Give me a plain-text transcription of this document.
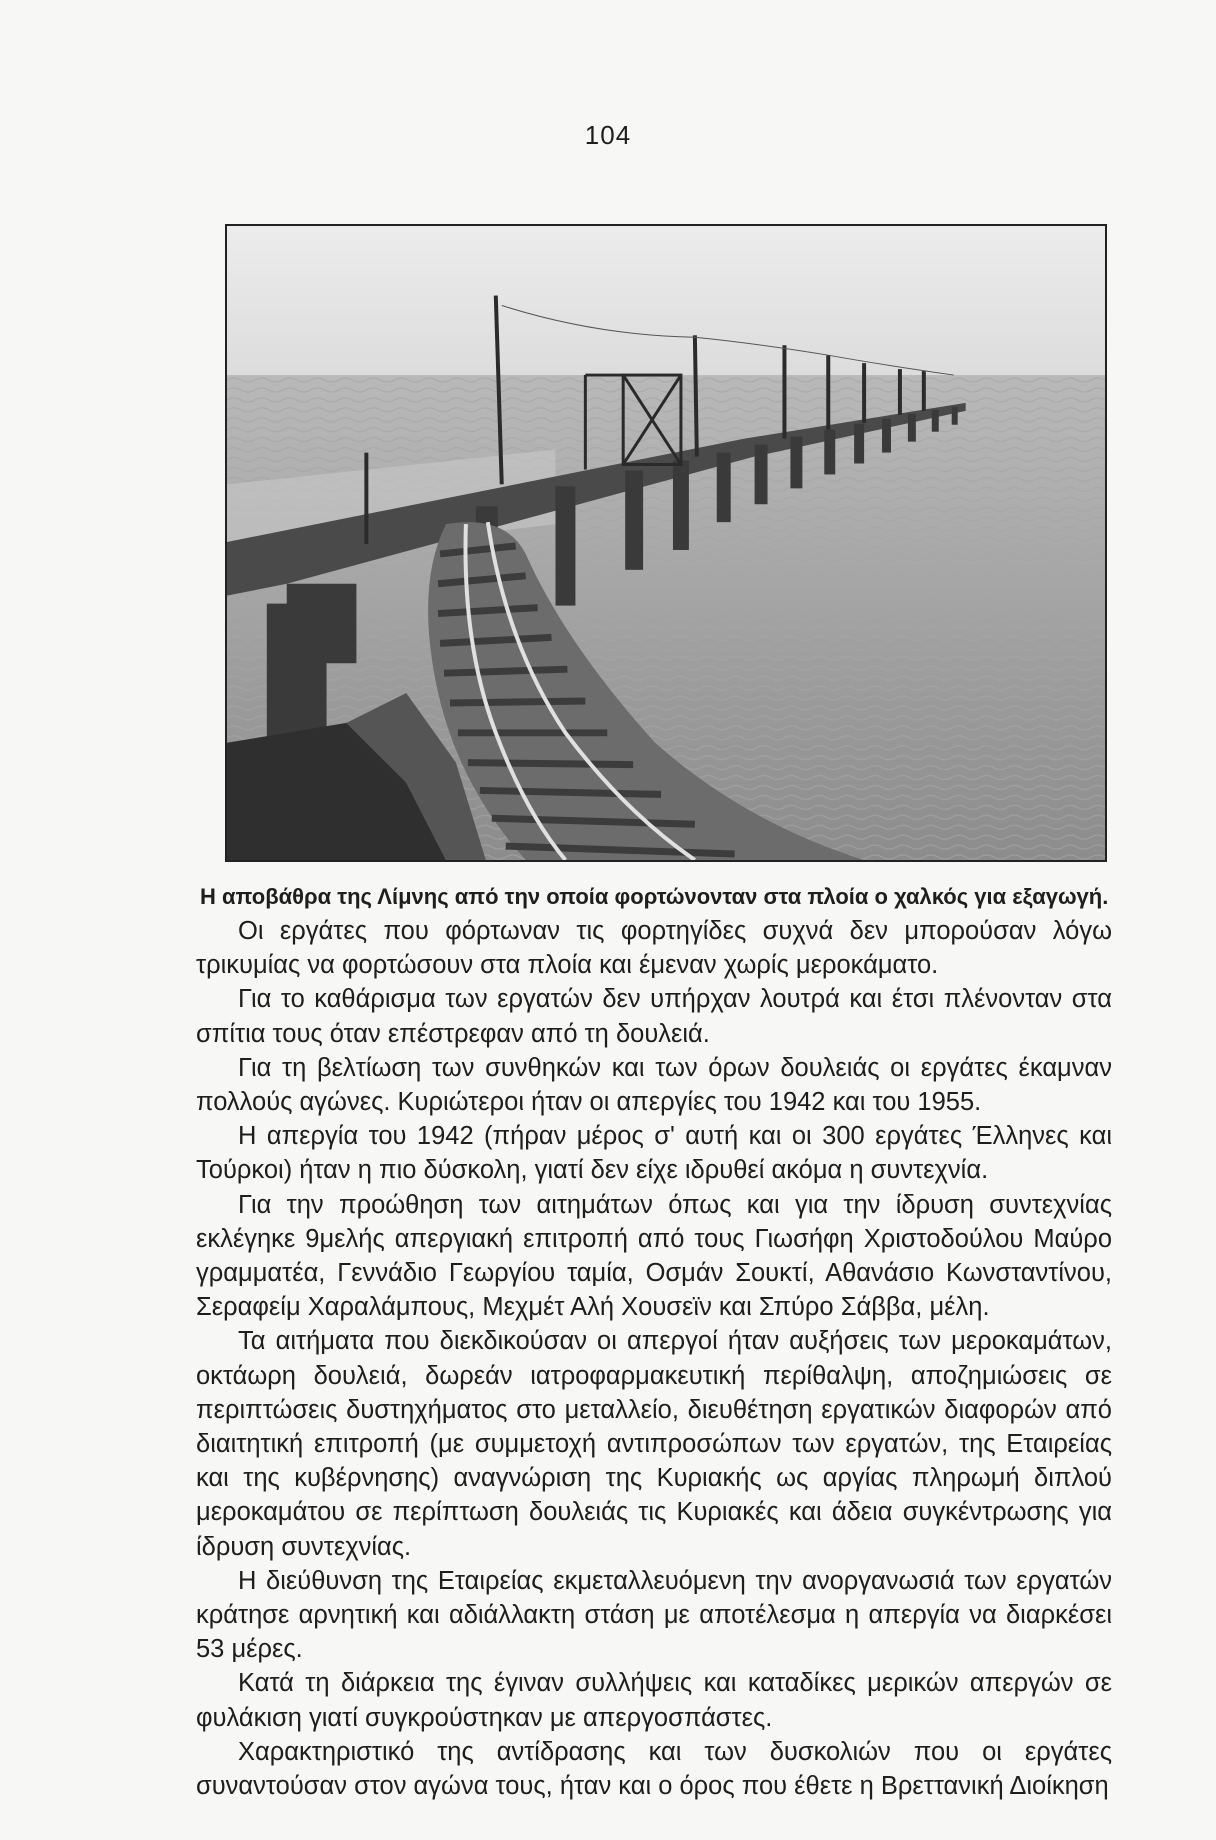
104
Η αποβάθρα της Λίμνης από την οποία φορτώνονταν στα πλοία ο χαλκός για εξαγωγή.

Οι εργάτες που φόρτωναν τις φορτηγίδες συχνά δεν μπορούσαν λόγω τρικυμίας να φορτώσουν στα πλοία και έμεναν χωρίς μεροκάματο.

Για το καθάρισμα των εργατών δεν υπήρχαν λουτρά και έτσι πλένονταν στα σπίτια τους όταν επέστρεφαν από τη δουλειά.

Για τη βελτίωση των συνθηκών και των όρων δουλειάς οι εργάτες έκαμναν πολλούς αγώνες. Κυριώτεροι ήταν οι απεργίες του 1942 και του 1955.

Η απεργία του 1942 (πήραν μέρος σ' αυτή και οι 300 εργάτες Έλληνες και Τούρκοι) ήταν η πιο δύσκολη, γιατί δεν είχε ιδρυθεί ακόμα η συντεχνία.

Για την προώθηση των αιτημάτων όπως και για την ίδρυση συντεχνίας εκλέγηκε 9μελής απεργιακή επιτροπή από τους Γιωσήφη Χριστοδούλου Μαύρο γραμματέα, Γεννάδιο Γεωργίου ταμία, Οσμάν Σουκτί, Αθανάσιο Κωνσταντίνου, Σεραφείμ Χαραλάμπους, Μεχμέτ Αλή Χουσεϊν και Σπύρο Σάββα, μέλη.

Τα αιτήματα που διεκδικούσαν οι απεργοί ήταν αυξήσεις των μεροκαμάτων, οκτάωρη δουλειά, δωρεάν ιατροφαρμακευτική περίθαλψη, αποζημιώσεις σε περιπτώσεις δυστηχήματος στο μεταλλείο, διευθέτηση εργατικών διαφορών από διαιτητική επιτροπή (με συμμετοχή αντιπροσώπων των εργατών, της Εταιρείας και της κυβέρνησης) αναγνώριση της Κυριακής ως αργίας πληρωμή διπλού μεροκαμάτου σε περίπτωση δουλειάς τις Κυριακές και άδεια συγκέντρωσης για ίδρυση συντεχνίας.

Η διεύθυνση της Εταιρείας εκμεταλλευόμενη την ανοργανωσιά των εργατών κράτησε αρνητική και αδιάλλακτη στάση με αποτέλεσμα η απεργία να διαρκέσει 53 μέρες.

Κατά τη διάρκεια της έγιναν συλλήψεις και καταδίκες μερικών απεργών σε φυλάκιση γιατί συγκρούστηκαν με απεργοσπάστες.

Χαρακτηριστικό της αντίδρασης και των δυσκολιών που οι εργάτες συναντούσαν στον αγώνα τους, ήταν και ο όρος που έθετε η Βρεττανική Διοίκηση
